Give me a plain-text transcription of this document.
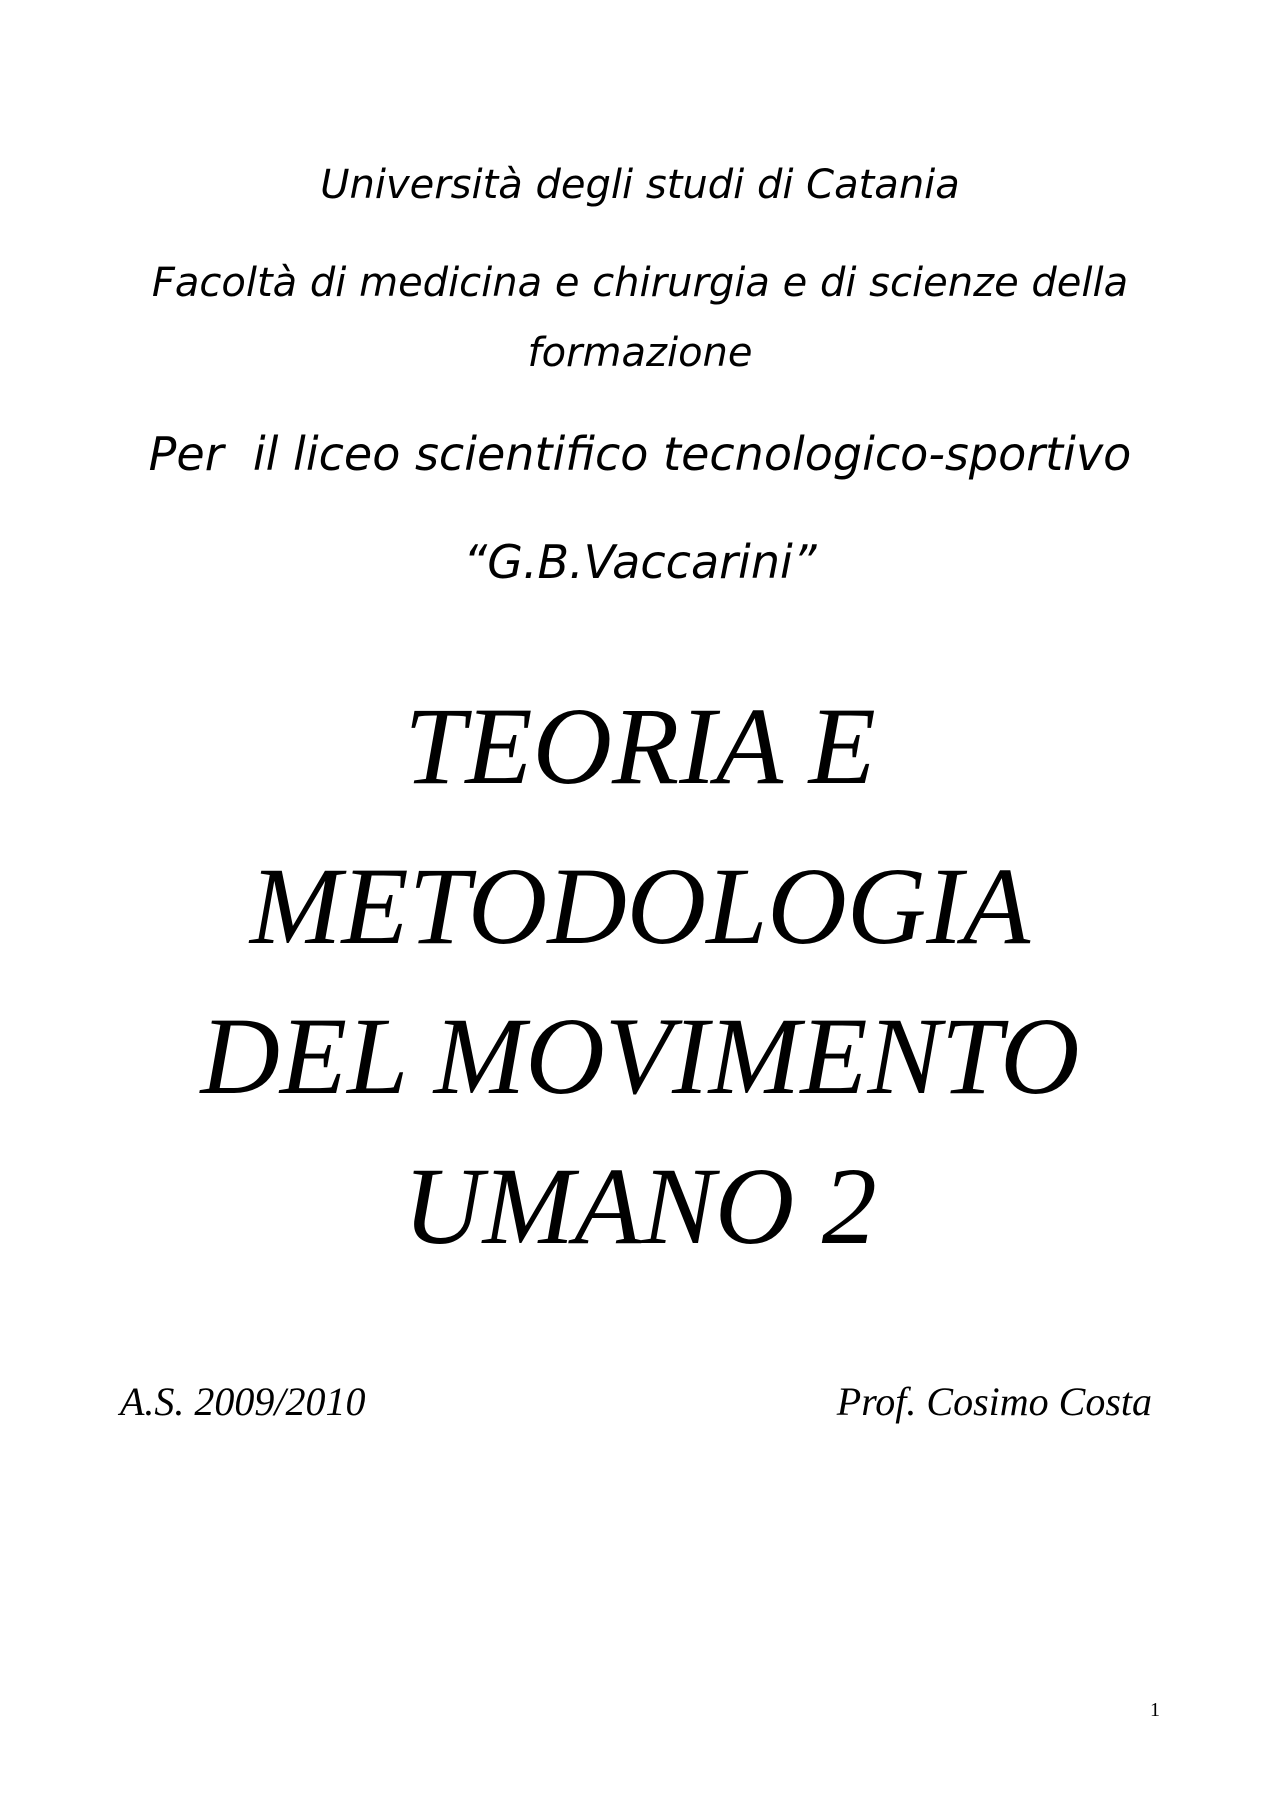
Università degli studi di Catania
Facoltà di medicina e chirurgia e di scienze della
formazione
Per  il liceo scientifico tecnologico-sportivo
“G.B.Vaccarini”
TEORIA E
METODOLOGIA
DEL MOVIMENTO
UMANO 2
A.S. 2009/2010	Prof. Cosimo Costa
1
